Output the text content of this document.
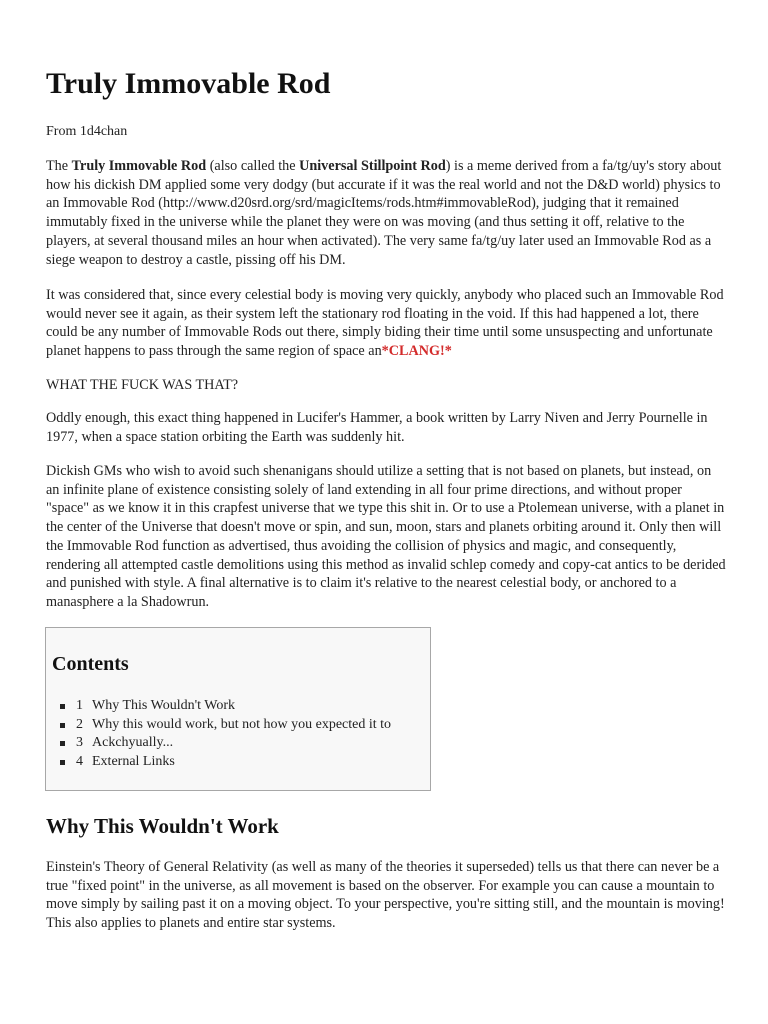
Truly Immovable Rod
From 1d4chan

The Truly Immovable Rod (also called the Universal Stillpoint Rod) is a meme derived from a fa/tg/uy's story about how his dickish DM applied some very dodgy (but accurate if it was the real world and not the D&D world) physics to an Immovable Rod (http://www.d20srd.org/srd/magicItems/rods.htm#immovableRod), judging that it remained immutably fixed in the universe while the planet they were on was moving (and thus setting it off, relative to the players, at several thousand miles an hour when activated). The very same fa/tg/uy later used an Immovable Rod as a siege weapon to destroy a castle, pissing off his DM.

It was considered that, since every celestial body is moving very quickly, anybody who placed such an Immovable Rod would never see it again, as their system left the stationary rod floating in the void. If this had happened a lot, there could be any number of Immovable Rods out there, simply biding their time until some unsuspecting and unfortunate planet happens to pass through the same region of space an*CLANG!*

WHAT THE FUCK WAS THAT?

Oddly enough, this exact thing happened in Lucifer's Hammer, a book written by Larry Niven and Jerry Pournelle in 1977, when a space station orbiting the Earth was suddenly hit.

Dickish GMs who wish to avoid such shenanigans should utilize a setting that is not based on planets, but instead, on an infinite plane of existence consisting solely of land extending in all four prime directions, and without proper "space" as we know it in this crapfest universe that we type this shit in. Or to use a Ptolemean universe, with a planet in the center of the Universe that doesn't move or spin, and sun, moon, stars and planets orbiting around it. Only then will the Immovable Rod function as advertised, thus avoiding the collision of physics and magic, and consequently, rendering all attempted castle demolitions using this method as invalid schlep comedy and copy-cat antics to be derided and punished with style. A final alternative is to claim it's relative to the nearest celestial body, or anchored to a manasphere a la Shadowrun.

Contents
1 Why This Wouldn't Work
2 Why this would work, but not how you expected it to
3 Ackchyually...
4 External Links
Why This Wouldn't Work

Einstein's Theory of General Relativity (as well as many of the theories it superseded) tells us that there can never be a true "fixed point" in the universe, as all movement is based on the observer. For example you can cause a mountain to move simply by sailing past it on a moving object. To your perspective, you're sitting still, and the mountain is moving! This also applies to planets and entire star systems.
